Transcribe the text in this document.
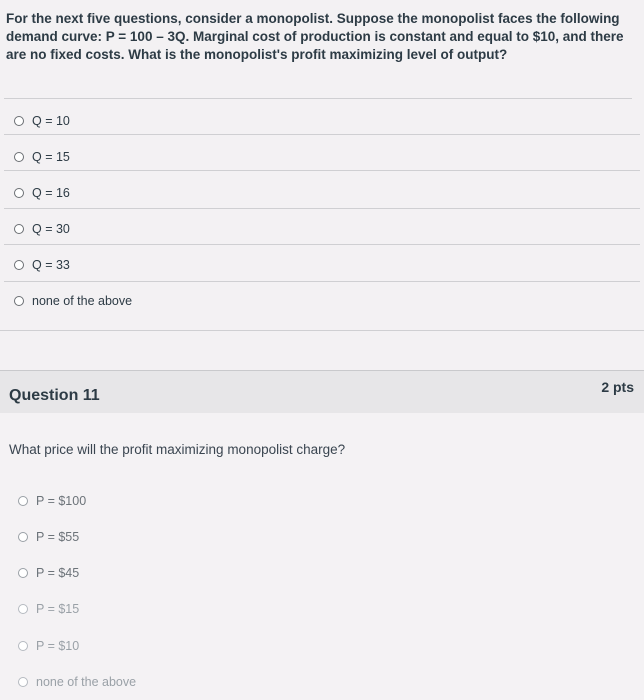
For the next five questions, consider a monopolist. Suppose the monopolist faces the following demand curve: P = 100 – 3Q. Marginal cost of production is constant and equal to $10, and there are no fixed costs. What is the monopolist's profit maximizing level of output?
Q = 10
Q = 15
Q = 16
Q = 30
Q = 33
none of the above
Question 11	2 pts
What price will the profit maximizing monopolist charge?
P = $100
P = $55
P = $45
P = $15
P = $10
none of the above
